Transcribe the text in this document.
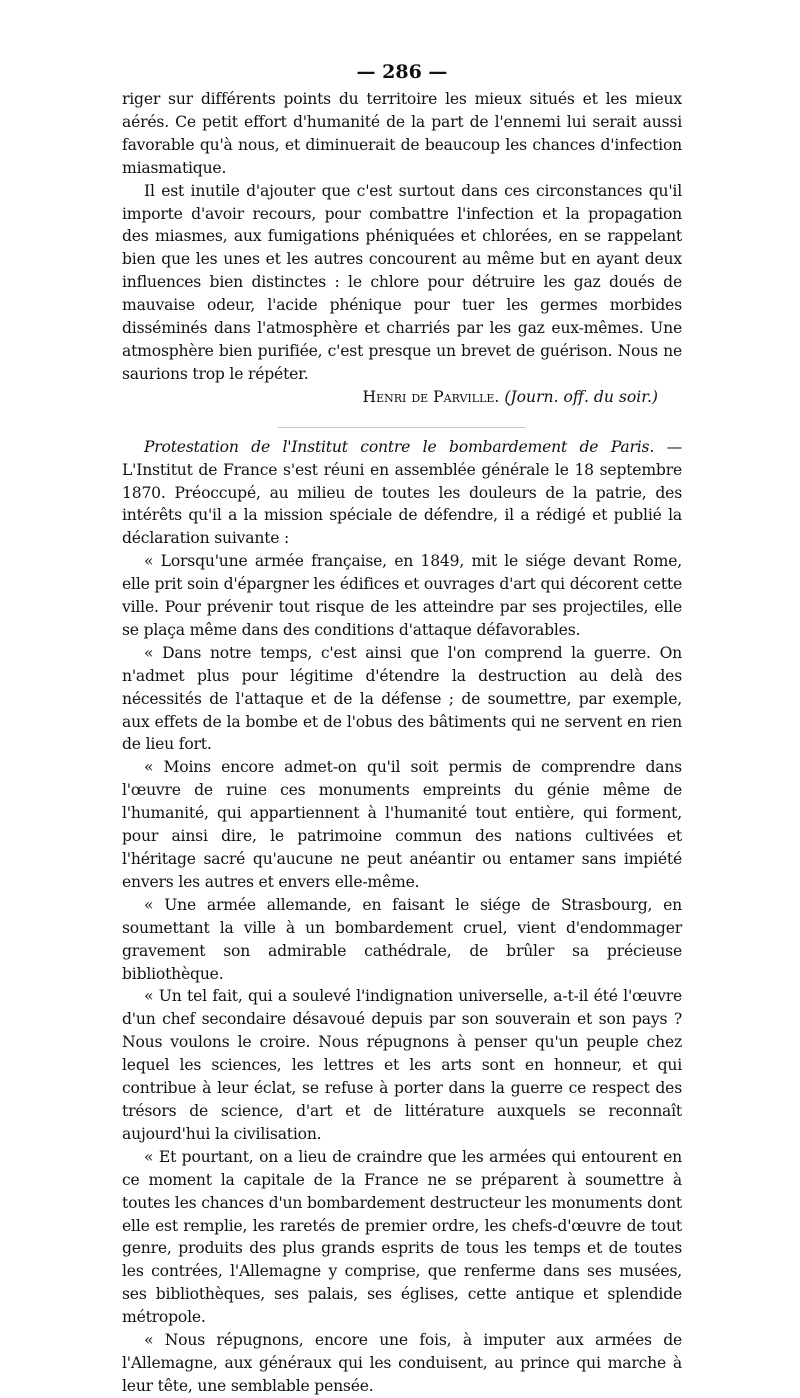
— 286 —

riger sur différents points du territoire les mieux situés et les mieux aérés. Ce petit effort d'humanité de la part de l'ennemi lui serait aussi favorable qu'à nous, et diminuerait de beaucoup les chances d'infection miasmatique.

Il est inutile d'ajouter que c'est surtout dans ces circonstances qu'il importe d'avoir recours, pour combattre l'infection et la propagation des miasmes, aux fumigations phéniquées et chlorées, en se rappelant bien que les unes et les autres concourent au même but en ayant deux influences bien distinctes : le chlore pour détruire les gaz doués de mauvaise odeur, l'acide phénique pour tuer les germes morbides disséminés dans l'atmosphère et charriés par les gaz eux-mêmes. Une atmosphère bien purifiée, c'est presque un brevet de guérison. Nous ne saurions trop le répéter.

Henri de Parville. (Journ. off. du soir.)

Protestation de l'Institut contre le bombardement de Paris. — L'Institut de France s'est réuni en assemblée générale le 18 septembre 1870. Préoccupé, au milieu de toutes les douleurs de la patrie, des intérêts qu'il a la mission spéciale de défendre, il a rédigé et publié la déclaration suivante :

« Lorsqu'une armée française, en 1849, mit le siége devant Rome, elle prit soin d'épargner les édifices et ouvrages d'art qui décorent cette ville. Pour prévenir tout risque de les atteindre par ses projectiles, elle se plaça même dans des conditions d'attaque défavorables.

« Dans notre temps, c'est ainsi que l'on comprend la guerre. On n'admet plus pour légitime d'étendre la destruction au delà des nécessités de l'attaque et de la défense ; de soumettre, par exemple, aux effets de la bombe et de l'obus des bâtiments qui ne servent en rien de lieu fort.

« Moins encore admet-on qu'il soit permis de comprendre dans l'œuvre de ruine ces monuments empreints du génie même de l'humanité, qui appartiennent à l'humanité tout entière, qui forment, pour ainsi dire, le patrimoine commun des nations cultivées et l'héritage sacré qu'aucune ne peut anéantir ou entamer sans impiété envers les autres et envers elle-même.

« Une armée allemande, en faisant le siége de Strasbourg, en soumettant la ville à un bombardement cruel, vient d'endommager gravement son admirable cathédrale, de brûler sa précieuse bibliothèque.

« Un tel fait, qui a soulevé l'indignation universelle, a-t-il été l'œuvre d'un chef secondaire désavoué depuis par son souverain et son pays ? Nous voulons le croire. Nous répugnons à penser qu'un peuple chez lequel les sciences, les lettres et les arts sont en honneur, et qui contribue à leur éclat, se refuse à porter dans la guerre ce respect des trésors de science, d'art et de littérature auxquels se reconnaît aujourd'hui la civilisation.

« Et pourtant, on a lieu de craindre que les armées qui entourent en ce moment la capitale de la France ne se préparent à soumettre à toutes les chances d'un bombardement destructeur les monuments dont elle est remplie, les raretés de premier ordre, les chefs-d'œuvre de tout genre, produits des plus grands esprits de tous les temps et de toutes les contrées, l'Allemagne y comprise, que renferme dans ses musées, ses bibliothèques, ses palais, ses églises, cette antique et splendide métropole.

« Nous répugnons, encore une fois, à imputer aux armées de l'Allemagne, aux généraux qui les conduisent, au prince qui marche à leur tête, une semblable pensée.
